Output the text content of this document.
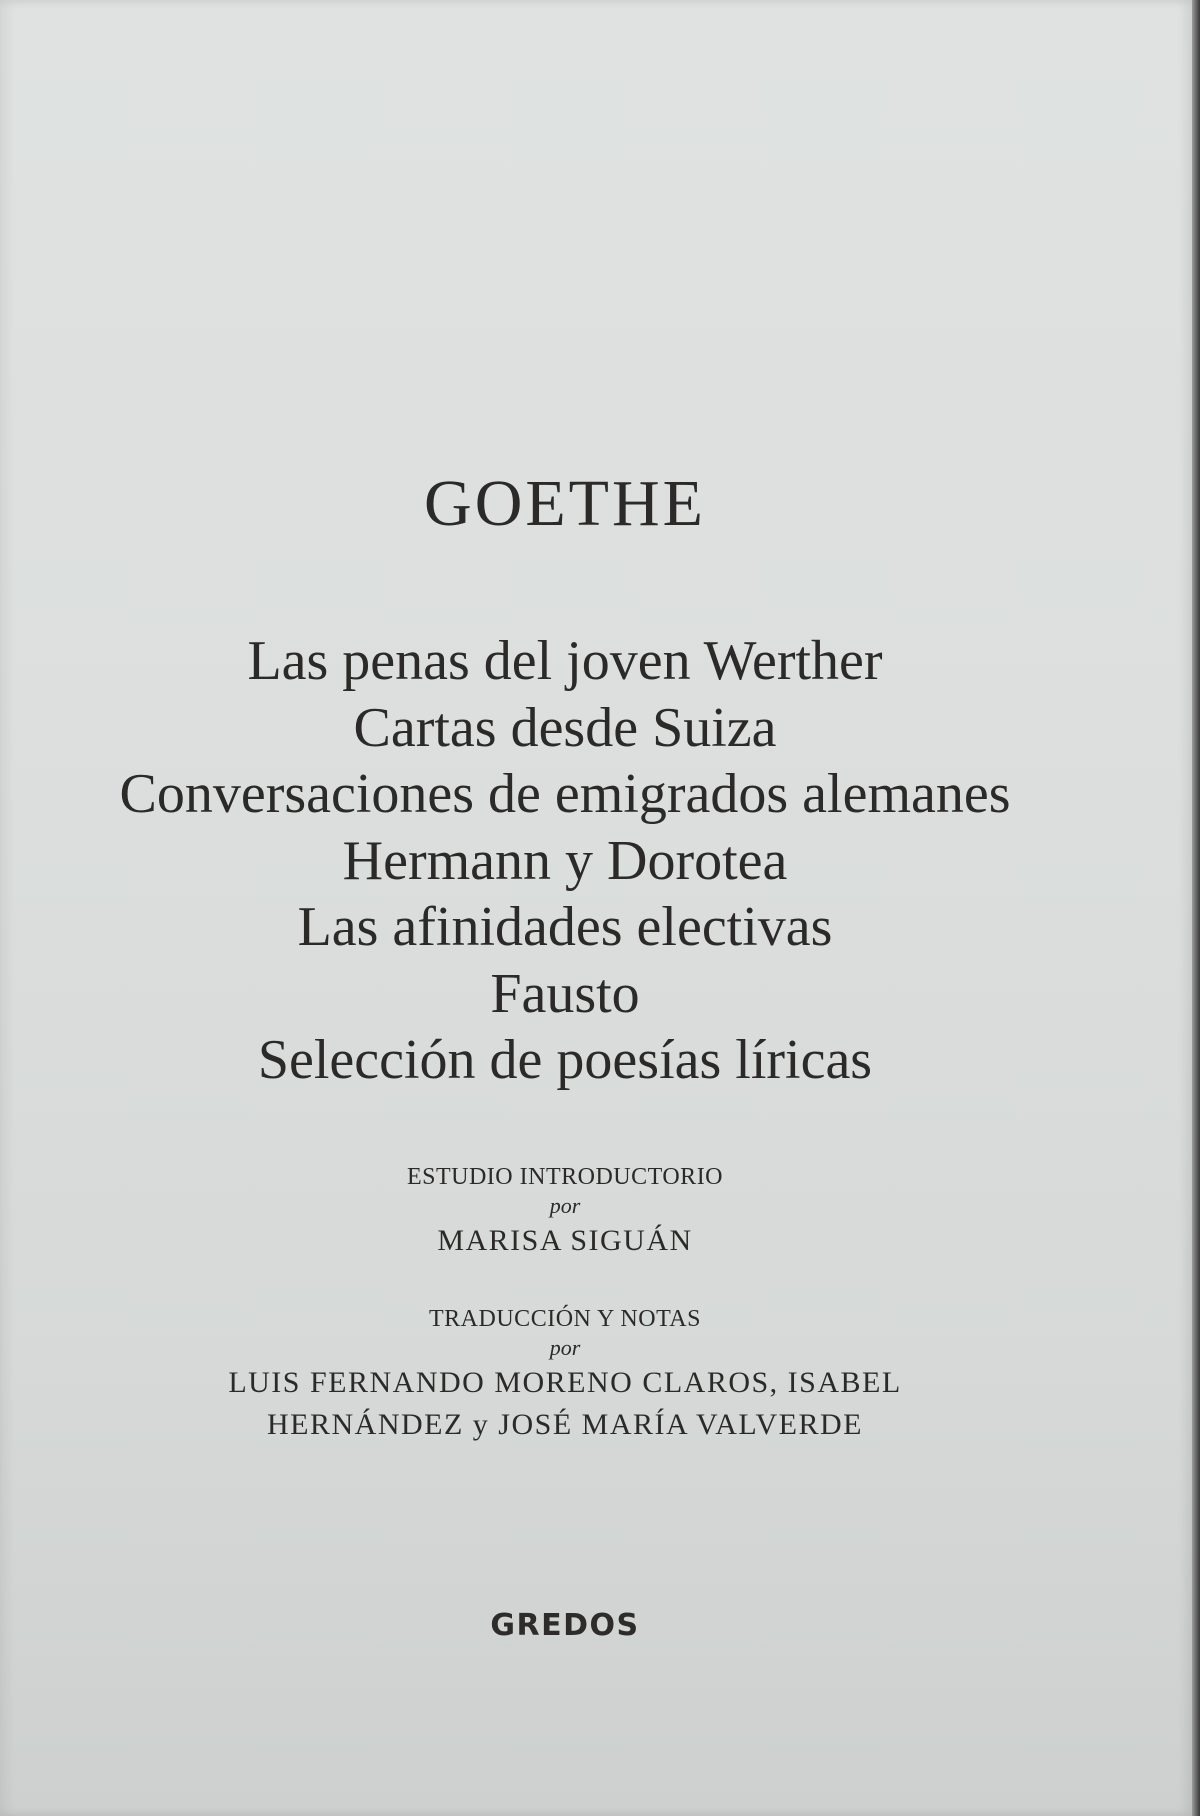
GOETHE
Las penas del joven Werther
Cartas desde Suiza
Conversaciones de emigrados alemanes
Hermann y Dorotea
Las afinidades electivas
Fausto
Selección de poesías líricas
ESTUDIO INTRODUCTORIO
por
MARISA SIGUÁN
TRADUCCIÓN Y NOTAS
por
LUIS FERNANDO MORENO CLAROS, ISABEL
HERNÁNDEZ y JOSÉ MARÍA VALVERDE
GREDOS
